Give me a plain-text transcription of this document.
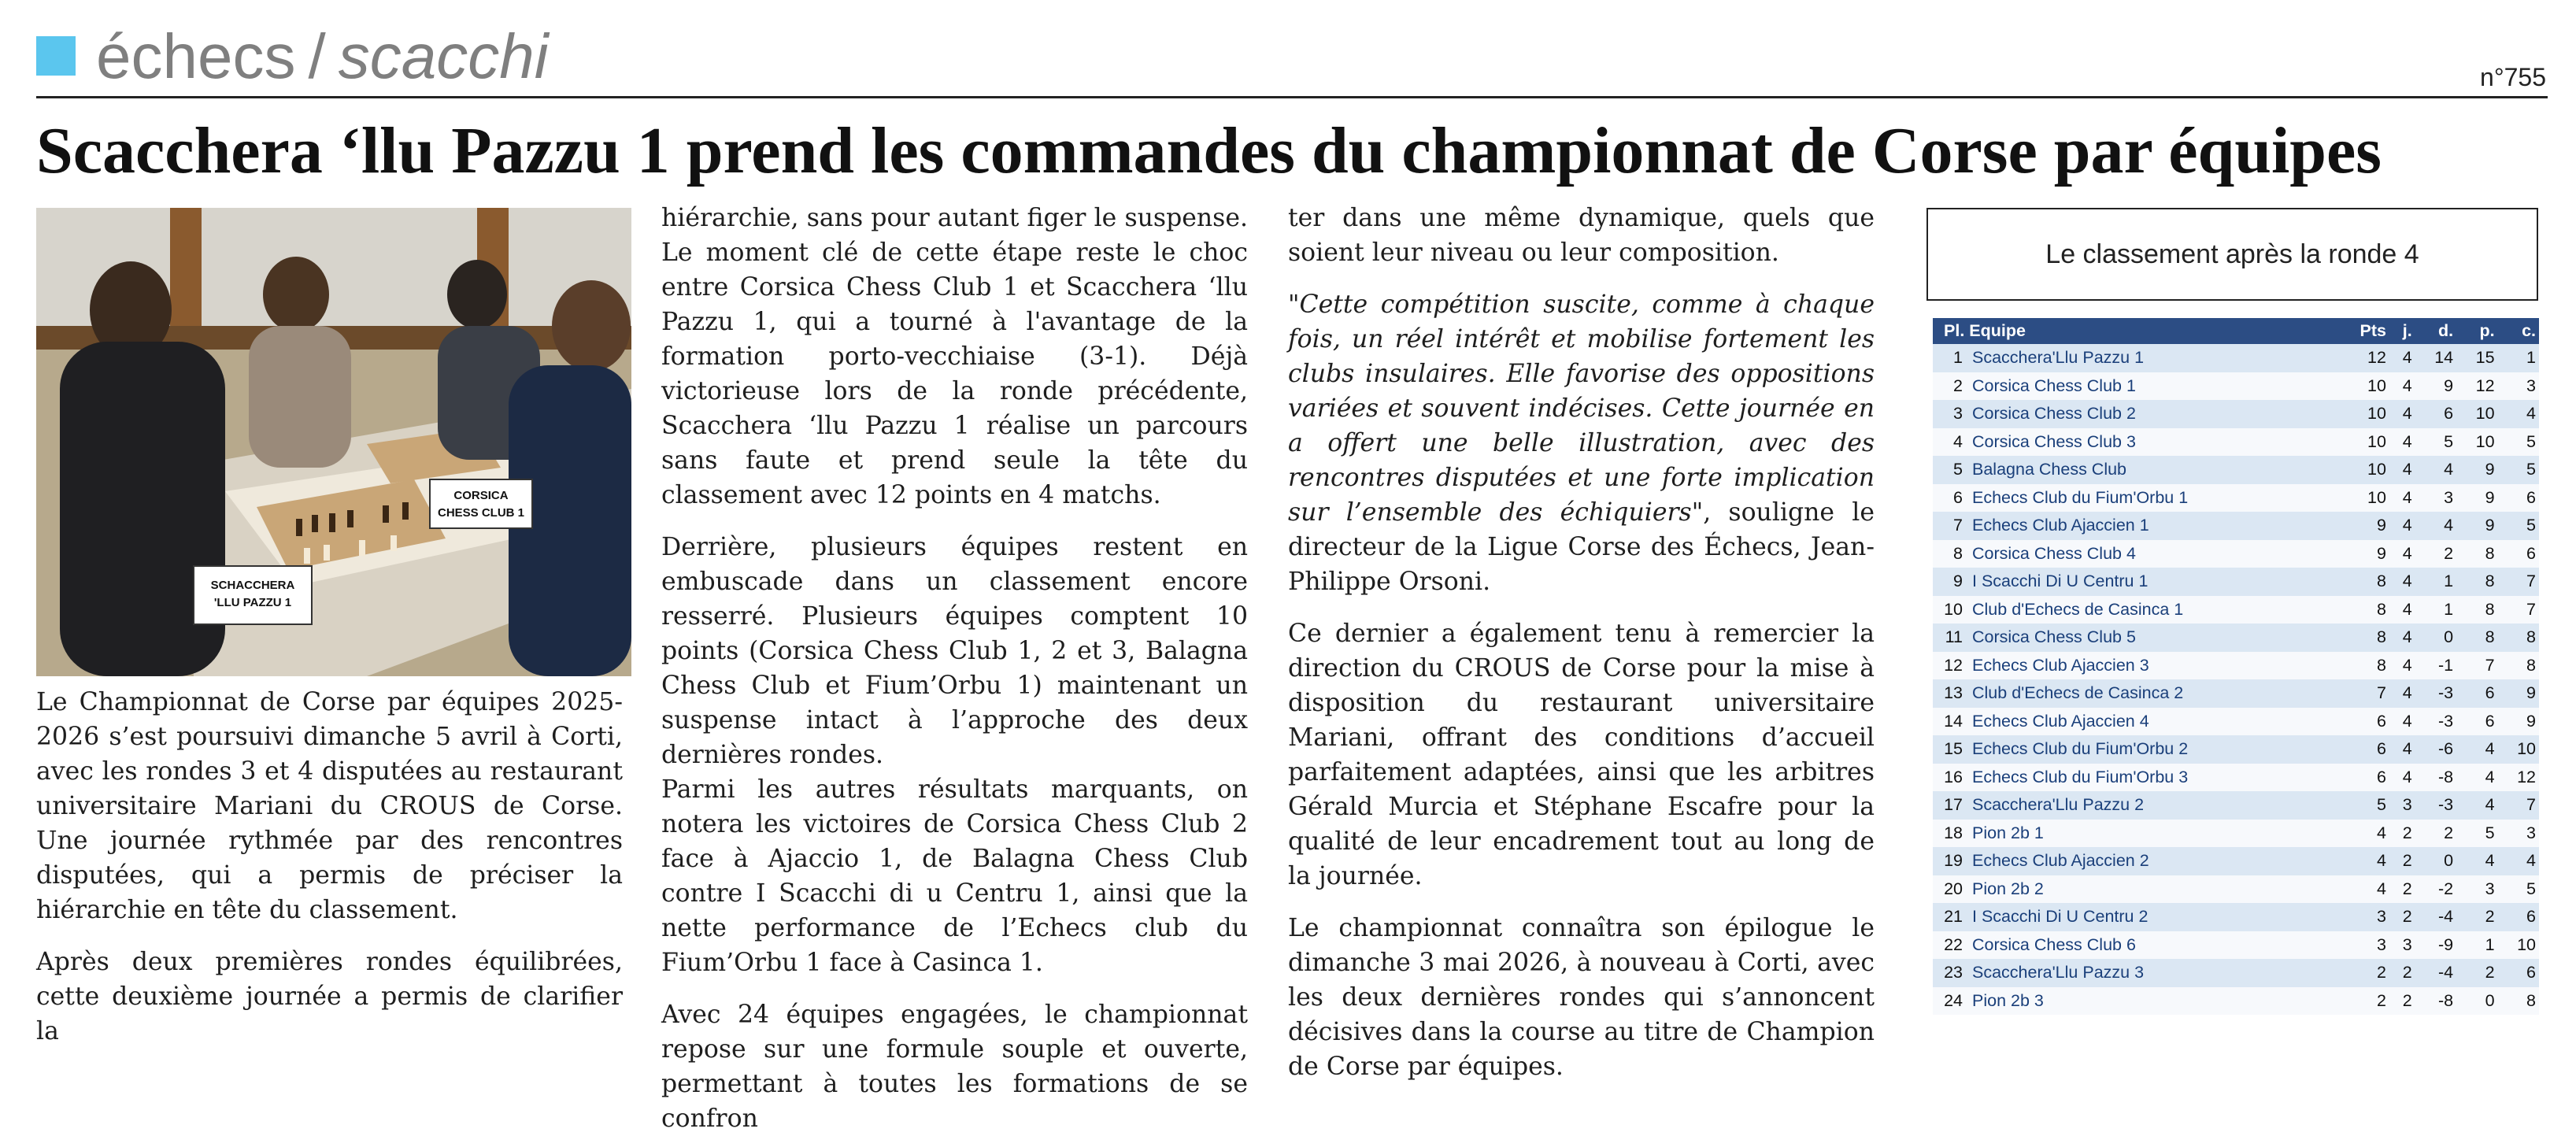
échecs / scacchi	n°755
Scacchera ‘llu Pazzu 1 prend les commandes du championnat de Corse par équipes
CORSICA
CHESS CLUB 1
SCHACCHERA
'LLU PAZZU 1

Le Championnat de Corse par équipes 2025-2026 s’est poursuivi dimanche 5 avril à Corti, avec les rondes 3 et 4 disputées au restaurant universitaire Mariani du CROUS de Corse. Une journée rythmée par des rencontres disputées, qui a permis de préciser la hiérarchie en tête du classement.

Après deux premières rondes équilibrées, cette deuxième journée a permis de clarifier la

hiérarchie, sans pour autant figer le suspense. Le moment clé de cette étape reste le choc entre Corsica Chess Club 1 et Scacchera ‘llu Pazzu 1, qui a tourné à l'avantage de la formation porto-vecchiaise (3-1). Déjà victorieuse lors de la ronde précédente, Scacchera ‘llu Pazzu 1 réalise un parcours sans faute et prend seule la tête du classement avec 12 points en 4 matchs.

Derrière, plusieurs équipes restent en embuscade dans un classement encore resserré. Plusieurs équipes comptent 10 points (Corsica Chess Club 1, 2 et 3, Balagna Chess Club et Fium’Orbu 1) maintenant un suspense intact à l’approche des deux dernières rondes.

Parmi les autres résultats marquants, on notera les victoires de Corsica Chess Club 2 face à Ajaccio 1, de Balagna Chess Club contre I Scacchi di u Centru 1, ainsi que la nette performance de l’Echecs club du Fium’Orbu 1 face à Casinca 1.

Avec 24 équipes engagées, le championnat repose sur une formule souple et ouverte, permettant à toutes les formations de se confron

ter dans une même dynamique, quels que soient leur niveau ou leur composition.

"Cette compétition suscite, comme à chaque fois, un réel intérêt et mobilise fortement les clubs insulaires. Elle favorise des oppositions variées et souvent indécises. Cette journée en a offert une belle illustration, avec des rencontres disputées et une forte implication sur l’ensemble des échiquiers", souligne le directeur de la Ligue Corse des Échecs, Jean-Philippe Orsoni.

Ce dernier a également tenu à remercier la direction du CROUS de Corse pour la mise à disposition du restaurant universitaire Mariani, offrant des conditions d’accueil parfaitement adaptées, ainsi que les arbitres Gérald Murcia et Stéphane Escafre pour la qualité de leur encadrement tout au long de la journée.

Le championnat connaîtra son épilogue le dimanche 3 mai 2026, à nouveau à Corti, avec les deux dernières rondes qui s’annoncent décisives dans la course au titre de Champion de Corse par équipes.

Le classement après la ronde 4
Pl. Equipe		Pts	j.	d.	p.	c.
1	Scacchera'Llu Pazzu 1	12	4	14	15	1
2	Corsica Chess Club 1	10	4	9	12	3
3	Corsica Chess Club 2	10	4	6	10	4
4	Corsica Chess Club 3	10	4	5	10	5
5	Balagna Chess Club	10	4	4	9	5
6	Echecs Club du Fium'Orbu 1	10	4	3	9	6
7	Echecs Club Ajaccien 1	9	4	4	9	5
8	Corsica Chess Club 4	9	4	2	8	6
9	I Scacchi Di U Centru 1	8	4	1	8	7
10	Club d'Echecs de Casinca 1	8	4	1	8	7
11	Corsica Chess Club 5	8	4	0	8	8
12	Echecs Club Ajaccien 3	8	4	-1	7	8
13	Club d'Echecs de Casinca 2	7	4	-3	6	9
14	Echecs Club Ajaccien 4	6	4	-3	6	9
15	Echecs Club du Fium'Orbu 2	6	4	-6	4	10
16	Echecs Club du Fium'Orbu 3	6	4	-8	4	12
17	Scacchera'Llu Pazzu 2	5	3	-3	4	7
18	Pion 2b 1	4	2	2	5	3
19	Echecs Club Ajaccien 2	4	2	0	4	4
20	Pion 2b 2	4	2	-2	3	5
21	I Scacchi Di U Centru 2	3	2	-4	2	6
22	Corsica Chess Club 6	3	3	-9	1	10
23	Scacchera'Llu Pazzu 3	2	2	-4	2	6
24	Pion 2b 3	2	2	-8	0	8
